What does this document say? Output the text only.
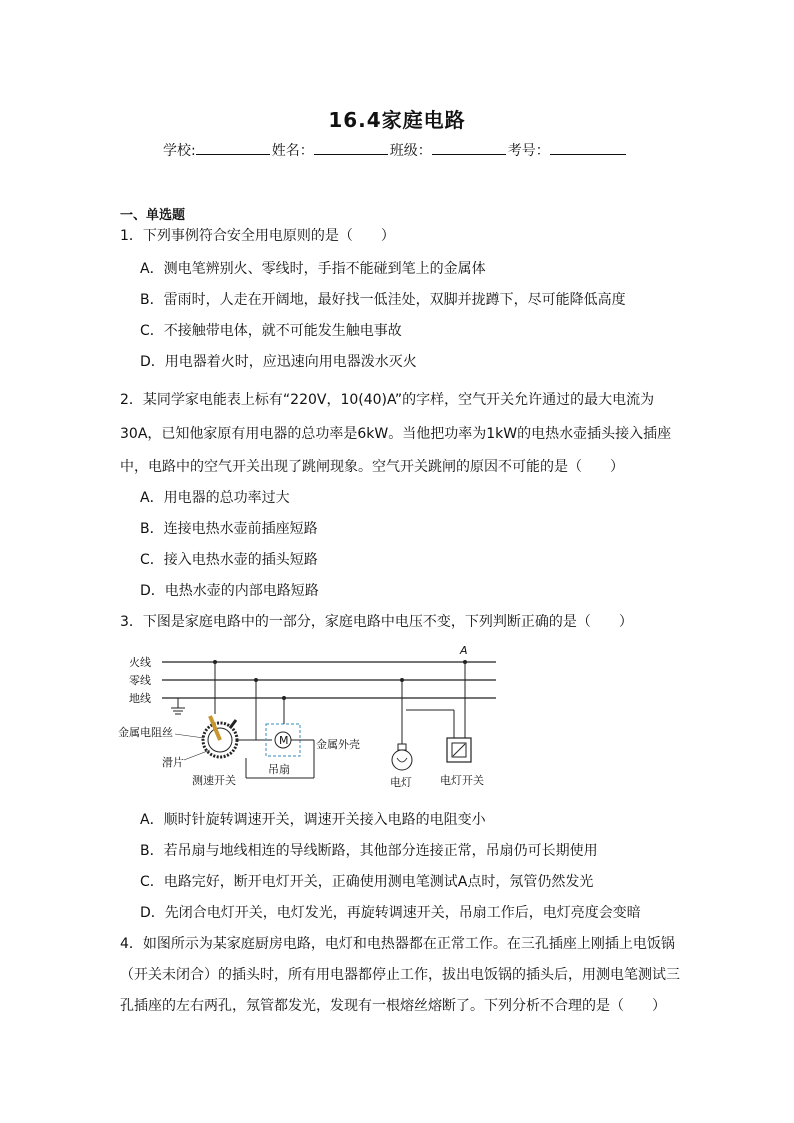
16.4家庭电路
学校:	姓名：	班级：	考号：
一、单选题
1．下列事例符合安全用电原则的是（　　）
A．测电笔辨别火、零线时，手指不能碰到笔上的金属体
B．雷雨时，人走在开阔地，最好找一低洼处，双脚并拢蹲下，尽可能降低高度
C．不接触带电体，就不可能发生触电事故
D．用电器着火时，应迅速向用电器泼水灭火
2．某同学家电能表上标有“220V，10(40)A”的字样，空气开关允许通过的最大电流为
30A，已知他家原有用电器的总功率是6kW。当他把功率为1kW的电热水壶插头接入插座
中，电路中的空气开关出现了跳闸现象。空气开关跳闸的原因不可能的是（　　）
A．用电器的总功率过大
B．连接电热水壶前插座短路
C．接入电热水壶的插头短路
D．电热水壶的内部电路短路
3．下图是家庭电路中的一部分，家庭电路中电压不变，下列判断正确的是（　　）
火线
零线
地线
A
金属电阻丝
滑片
测速开关
M	金属外壳
吊扇
电灯	电灯开关
A．顺时针旋转调速开关，调速开关接入电路的电阻变小
B．若吊扇与地线相连的导线断路，其他部分连接正常，吊扇仍可长期使用
C．电路完好，断开电灯开关，正确使用测电笔测试A点时，氖管仍然发光
D．先闭合电灯开关，电灯发光，再旋转调速开关，吊扇工作后，电灯亮度会变暗
4．如图所示为某家庭厨房电路，电灯和电热器都在正常工作。在三孔插座上刚插上电饭锅
（开关未闭合）的插头时，所有用电器都停止工作，拔出电饭锅的插头后，用测电笔测试三
孔插座的左右两孔，氖管都发光，发现有一根熔丝熔断了。下列分析不合理的是（　　）
